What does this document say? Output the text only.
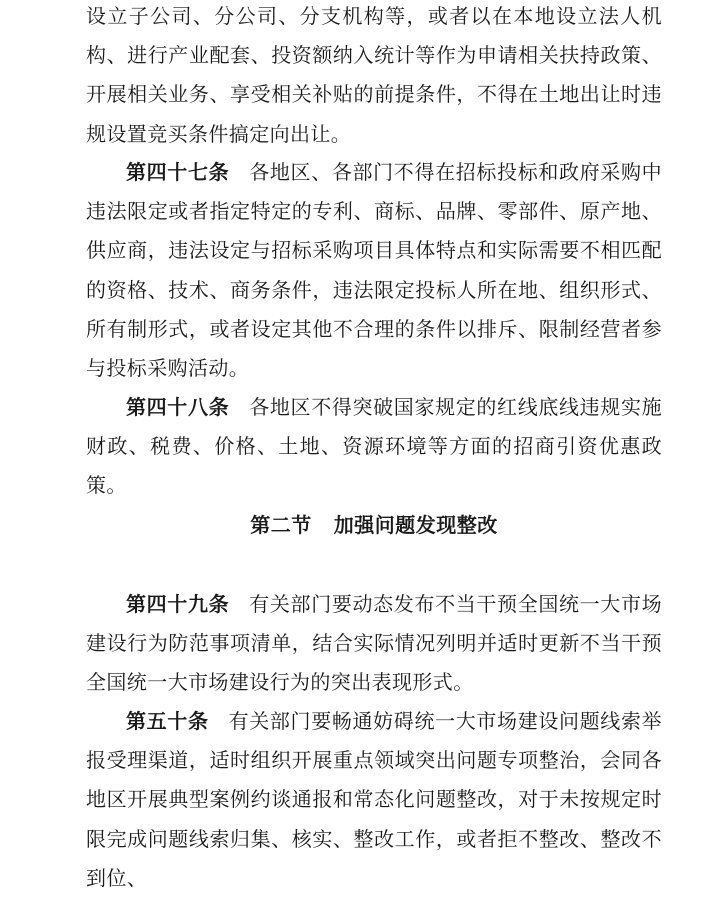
设立子公司、分公司、分支机构等，或者以在本地设立法人机构、进行产业配套、投资额纳入统计等作为申请相关扶持政策、开展相关业务、享受相关补贴的前提条件，不得在土地出让时违规设置竞买条件搞定向出让。

第四十七条 各地区、各部门不得在招标投标和政府采购中违法限定或者指定特定的专利、商标、品牌、零部件、原产地、供应商，违法设定与招标采购项目具体特点和实际需要不相匹配的资格、技术、商务条件，违法限定投标人所在地、组织形式、所有制形式，或者设定其他不合理的条件以排斥、限制经营者参与投标采购活动。

第四十八条 各地区不得突破国家规定的红线底线违规实施财政、税费、价格、土地、资源环境等方面的招商引资优惠政策。

第二节 加强问题发现整改

第四十九条 有关部门要动态发布不当干预全国统一大市场建设行为防范事项清单，结合实际情况列明并适时更新不当干预全国统一大市场建设行为的突出表现形式。

第五十条 有关部门要畅通妨碍统一大市场建设问题线索举报受理渠道，适时组织开展重点领域突出问题专项整治，会同各地区开展典型案例约谈通报和常态化问题整改，对于未按规定时限完成问题线索归集、核实、整改工作，或者拒不整改、整改不到位、
